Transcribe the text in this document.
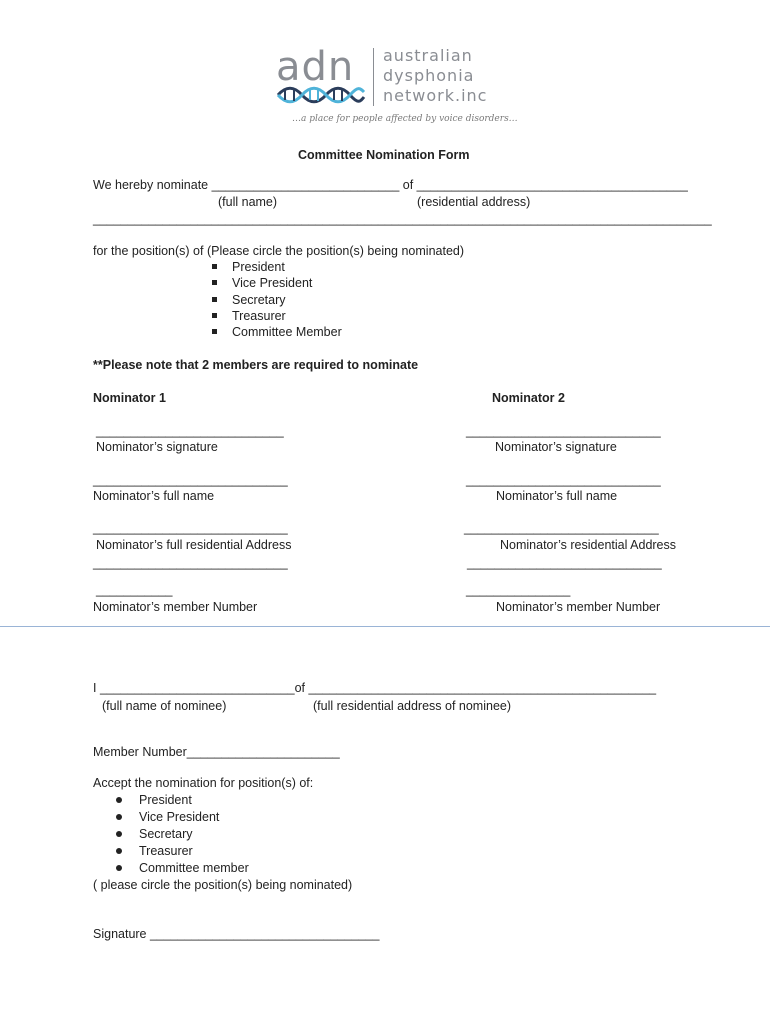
adn australian
dysphonia
network.inc
…a place for people affected by voice disorders…
Committee Nomination Form
We hereby nominate ___________________________ of _______________________________________
(full name)	(residential address)
_________________________________________________________________________________________
for the position(s) of (Please circle the position(s) being nominated)
President
Vice President
Secretary
Treasurer
Committee Member
**Please note that 2 members are required to nominate
Nominator 1
___________________________
Nominator’s signature
____________________________
Nominator’s full name
____________________________
Nominator’s full residential Address
____________________________
___________
Nominator’s member Number
Nominator 2
____________________________
Nominator’s signature
____________________________
Nominator’s full name
____________________________
Nominator’s residential Address
____________________________
_______________
Nominator’s member Number
I ____________________________of __________________________________________________
(full name of nominee)	(full residential address of nominee)
Member Number______________________
Accept the nomination for position(s) of:
President
Vice President
Secretary
Treasurer
Committee member
( please circle the position(s) being nominated)
Signature _________________________________
